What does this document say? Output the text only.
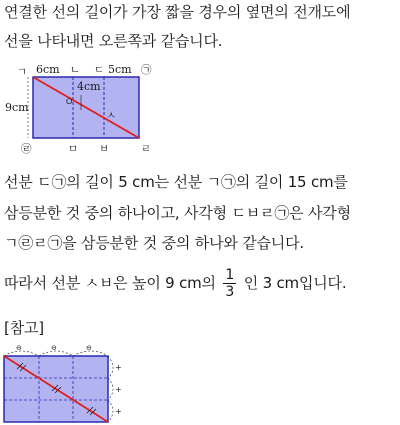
연결한 선의 길이가 가장 짧을 경우의 옆면의 전개도에
선을 나타내면 오른쪽과 같습니다.
ㄱ 6cm ㄴ ㄷ 5cm ㉠
4cm
ㅇ
ㅅ
9cm
㉣	ㅁ ㅂ	ㄹ
선분 ㄷ㉠의 길이 5 cm는 선분 ㄱ㉠의 길이 15 cm를
삼등분한 것 중의 하나이고, 사각형 ㄷㅂㄹ㉠은 사각형
ㄱ㉣ㄹ㉠을 삼등분한 것 중의 하나와 같습니다.
따라서 선분 ㅅㅂ은 높이 9 cm의 $\frac{1}{3}$ 인 3 cm입니다.
[참고]
⊖	⊖	⊖
+
+
+
